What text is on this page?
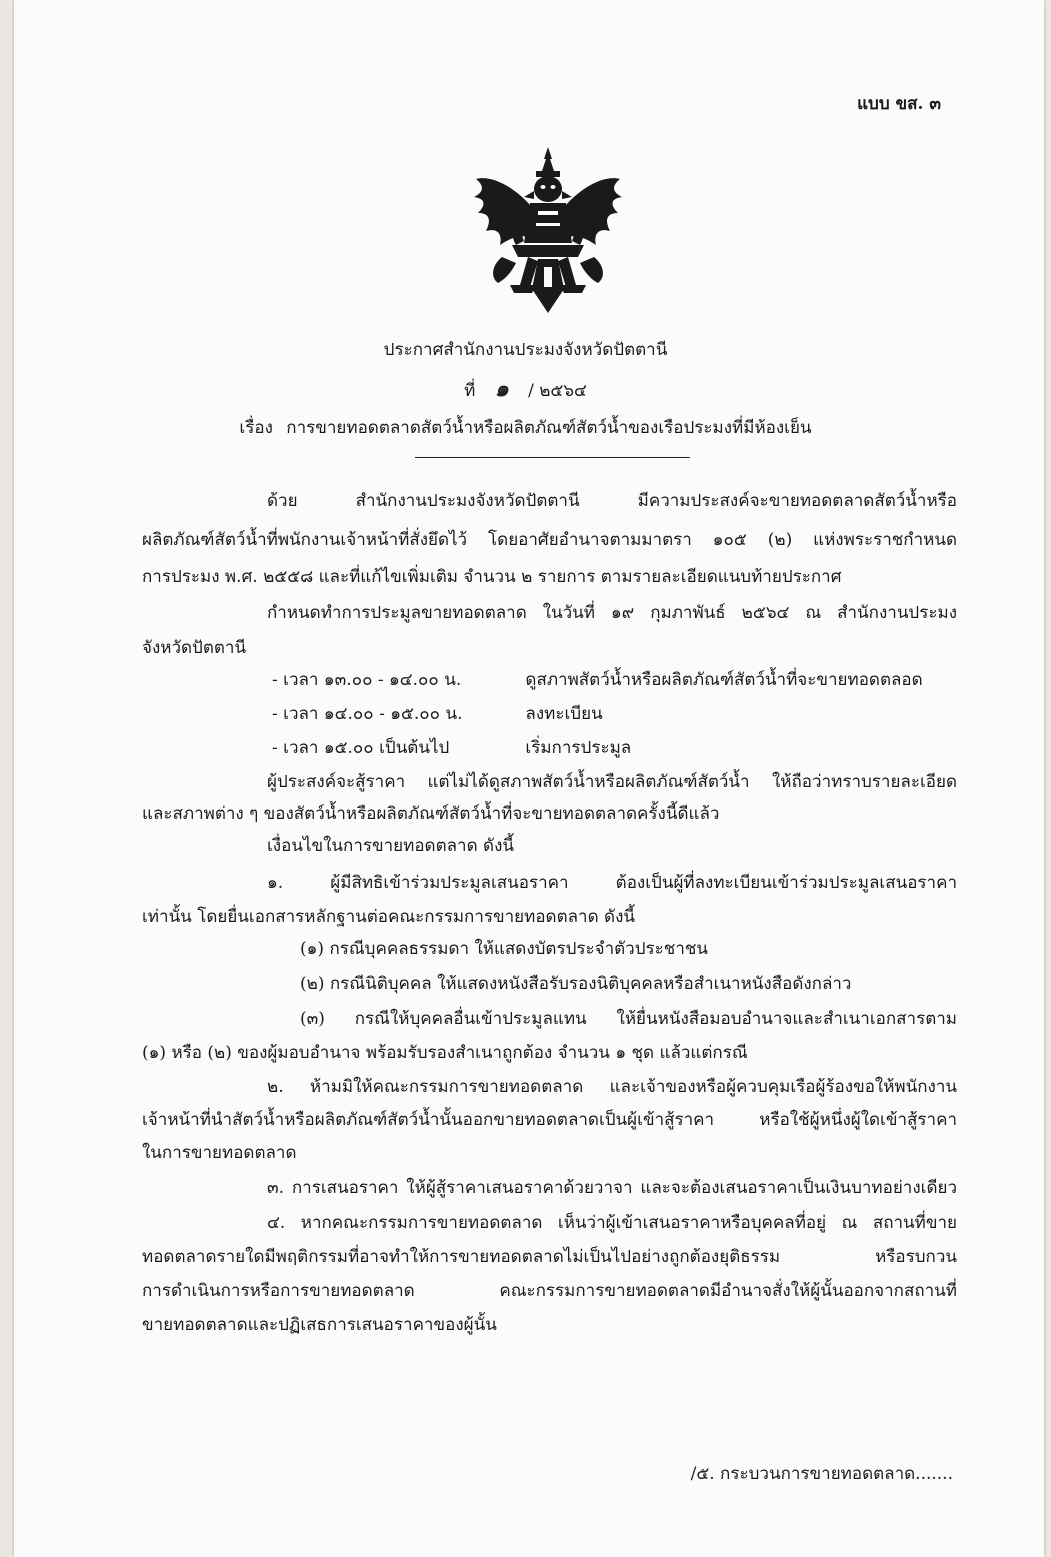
แบบ ขส. ๓
ประกาศสำนักงานประมงจังหวัดปัตตานี
ที่ ๑ / ๒๕๖๔
เรื่อง การขายทอดตลาดสัตว์น้ำหรือผลิตภัณฑ์สัตว์น้ำของเรือประมงที่มีห้องเย็น
ด้วย สำนักงานประมงจังหวัดปัตตานี มีความประสงค์จะขายทอดตลาดสัตว์น้ำหรือ
ผลิตภัณฑ์สัตว์น้ำที่พนักงานเจ้าหน้าที่สั่งยึดไว้ โดยอาศัยอำนาจตามมาตรา ๑๐๕ (๒) แห่งพระราชกำหนด
การประมง พ.ศ. ๒๕๕๘ และที่แก้ไขเพิ่มเติม จำนวน ๒ รายการ ตามรายละเอียดแนบท้ายประกาศ
กำหนดทำการประมูลขายทอดตลาด ในวันที่ ๑๙ กุมภาพันธ์ ๒๕๖๔ ณ สำนักงานประมง
จังหวัดปัตตานี
- เวลา ๑๓.๐๐ - ๑๔.๐๐ น.	ดูสภาพสัตว์น้ำหรือผลิตภัณฑ์สัตว์น้ำที่จะขายทอดตลอด
- เวลา ๑๔.๐๐ - ๑๕.๐๐ น.	ลงทะเบียน
- เวลา ๑๕.๐๐ เป็นต้นไป	เริ่มการประมูล
ผู้ประสงค์จะสู้ราคา แต่ไม่ได้ดูสภาพสัตว์น้ำหรือผลิตภัณฑ์สัตว์น้ำ ให้ถือว่าทราบรายละเอียด
และสภาพต่าง ๆ ของสัตว์น้ำหรือผลิตภัณฑ์สัตว์น้ำที่จะขายทอดตลาดครั้งนี้ดีแล้ว
เงื่อนไขในการขายทอดตลาด ดังนี้
๑. ผู้มีสิทธิเข้าร่วมประมูลเสนอราคา ต้องเป็นผู้ที่ลงทะเบียนเข้าร่วมประมูลเสนอราคา
เท่านั้น โดยยื่นเอกสารหลักฐานต่อคณะกรรมการขายทอดตลาด ดังนี้
(๑) กรณีบุคคลธรรมดา ให้แสดงบัตรประจำตัวประชาชน
(๒) กรณีนิติบุคคล ให้แสดงหนังสือรับรองนิติบุคคลหรือสำเนาหนังสือดังกล่าว
(๓) กรณีให้บุคคลอื่นเข้าประมูลแทน ให้ยื่นหนังสือมอบอำนาจและสำเนาเอกสารตาม
(๑) หรือ (๒) ของผู้มอบอำนาจ พร้อมรับรองสำเนาถูกต้อง จำนวน ๑ ชุด แล้วแต่กรณี
๒. ห้ามมิให้คณะกรรมการขายทอดตลาด และเจ้าของหรือผู้ควบคุมเรือผู้ร้องขอให้พนักงาน
เจ้าหน้าที่นำสัตว์น้ำหรือผลิตภัณฑ์สัตว์น้ำนั้นออกขายทอดตลาดเป็นผู้เข้าสู้ราคา หรือใช้ผู้หนึ่งผู้ใดเข้าสู้ราคา
ในการขายทอดตลาด
๓. การเสนอราคา ให้ผู้สู้ราคาเสนอราคาด้วยวาจา และจะต้องเสนอราคาเป็นเงินบาทอย่างเดียว
๔. หากคณะกรรมการขายทอดตลาด เห็นว่าผู้เข้าเสนอราคาหรือบุคคลที่อยู่ ณ สถานที่ขาย
ทอดตลาดรายใดมีพฤติกรรมที่อาจทำให้การขายทอดตลาดไม่เป็นไปอย่างถูกต้องยุติธรรม หรือรบกวน
การดำเนินการหรือการขายทอดตลาด คณะกรรมการขายทอดตลาดมีอำนาจสั่งให้ผู้นั้นออกจากสถานที่
ขายทอดตลาดและปฏิเสธการเสนอราคาของผู้นั้น
/๕. กระบวนการขายทอดตลาด.......
